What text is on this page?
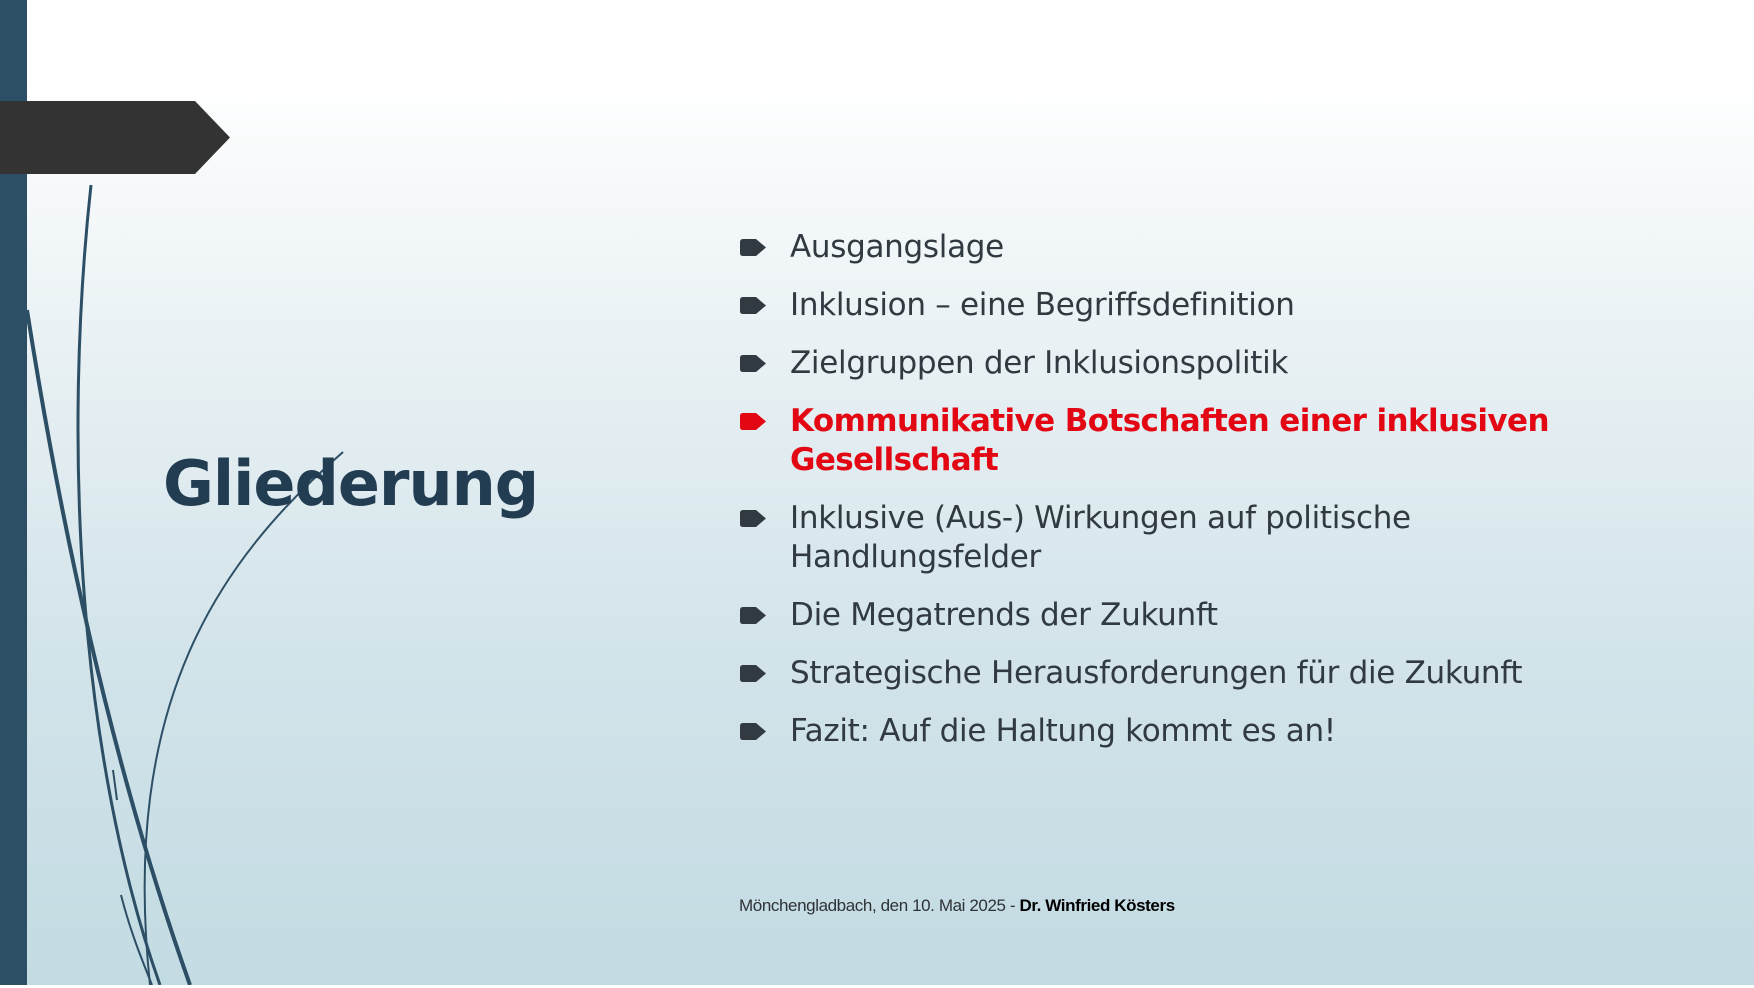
Gliederung
Ausgangslage
Inklusion – eine Begriffsdefinition
Zielgruppen der Inklusionspolitik
Kommunikative Botschaften einer inklusiven Gesellschaft
Inklusive (Aus-) Wirkungen auf politische Handlungsfelder
Die Megatrends der Zukunft
Strategische Herausforderungen für die Zukunft
Fazit: Auf die Haltung kommt es an!
Mönchengladbach, den 10. Mai 2025 - Dr. Winfried Kösters
